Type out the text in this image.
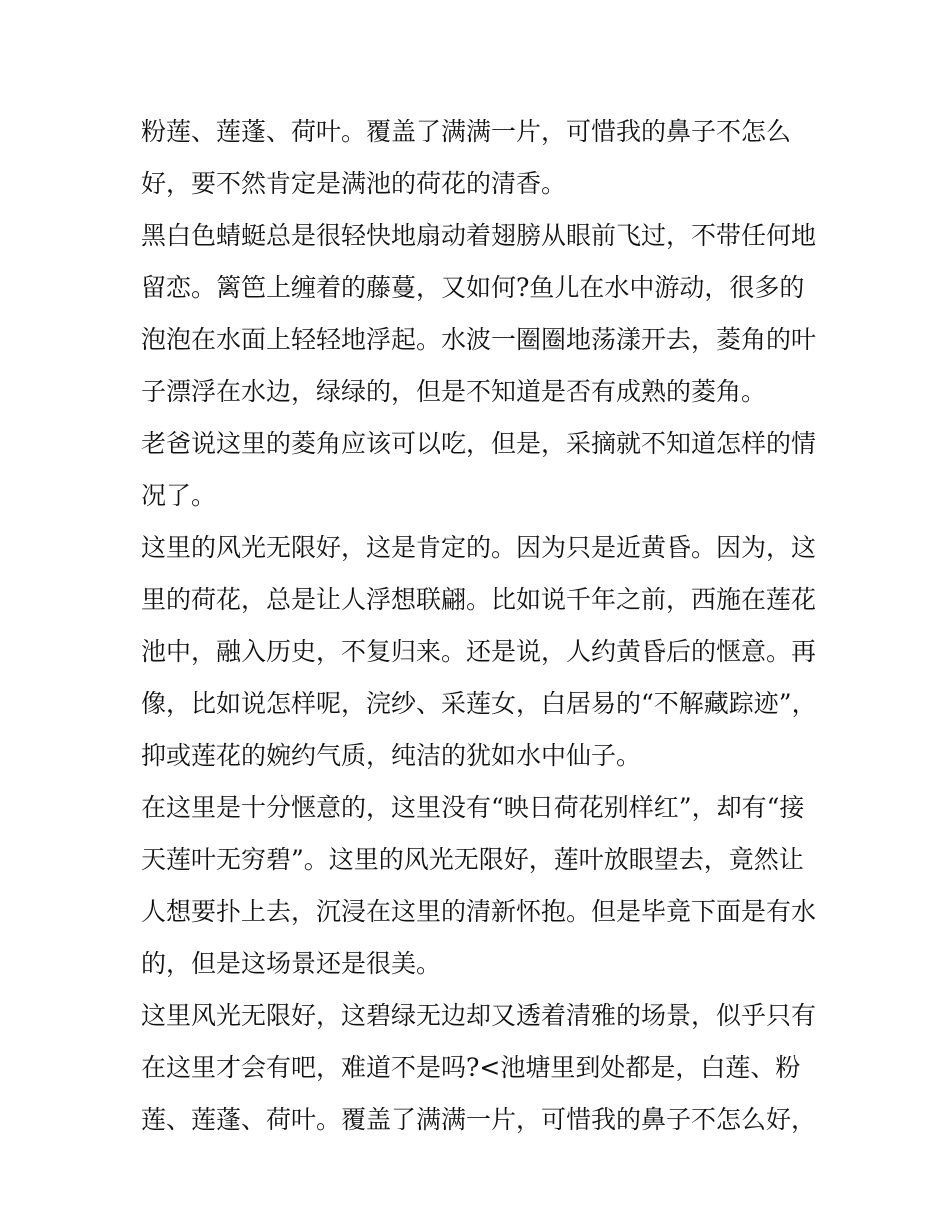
粉莲、莲蓬、荷叶。覆盖了满满一片，可惜我的鼻子不怎么
好，要不然肯定是满池的荷花的清香。
黑白色蜻蜓总是很轻快地扇动着翅膀从眼前飞过，不带任何地
留恋。篱笆上缠着的藤蔓，又如何?鱼儿在水中游动，很多的
泡泡在水面上轻轻地浮起。水波一圈圈地荡漾开去，菱角的叶
子漂浮在水边，绿绿的，但是不知道是否有成熟的菱角。
老爸说这里的菱角应该可以吃，但是，采摘就不知道怎样的情
况了。
这里的风光无限好，这是肯定的。因为只是近黄昏。因为，这
里的荷花，总是让人浮想联翩。比如说千年之前，西施在莲花
池中，融入历史，不复归来。还是说，人约黄昏后的惬意。再
像，比如说怎样呢，浣纱、采莲女，白居易的“不解藏踪迹”，
抑或莲花的婉约气质，纯洁的犹如水中仙子。
在这里是十分惬意的，这里没有“映日荷花别样红”，却有“接
天莲叶无穷碧”。这里的风光无限好，莲叶放眼望去，竟然让
人想要扑上去，沉浸在这里的清新怀抱。但是毕竟下面是有水
的，但是这场景还是很美。
这里风光无限好，这碧绿无边却又透着清雅的场景，似乎只有
在这里才会有吧，难道不是吗?<池塘里到处都是，白莲、粉
莲、莲蓬、荷叶。覆盖了满满一片，可惜我的鼻子不怎么好，
